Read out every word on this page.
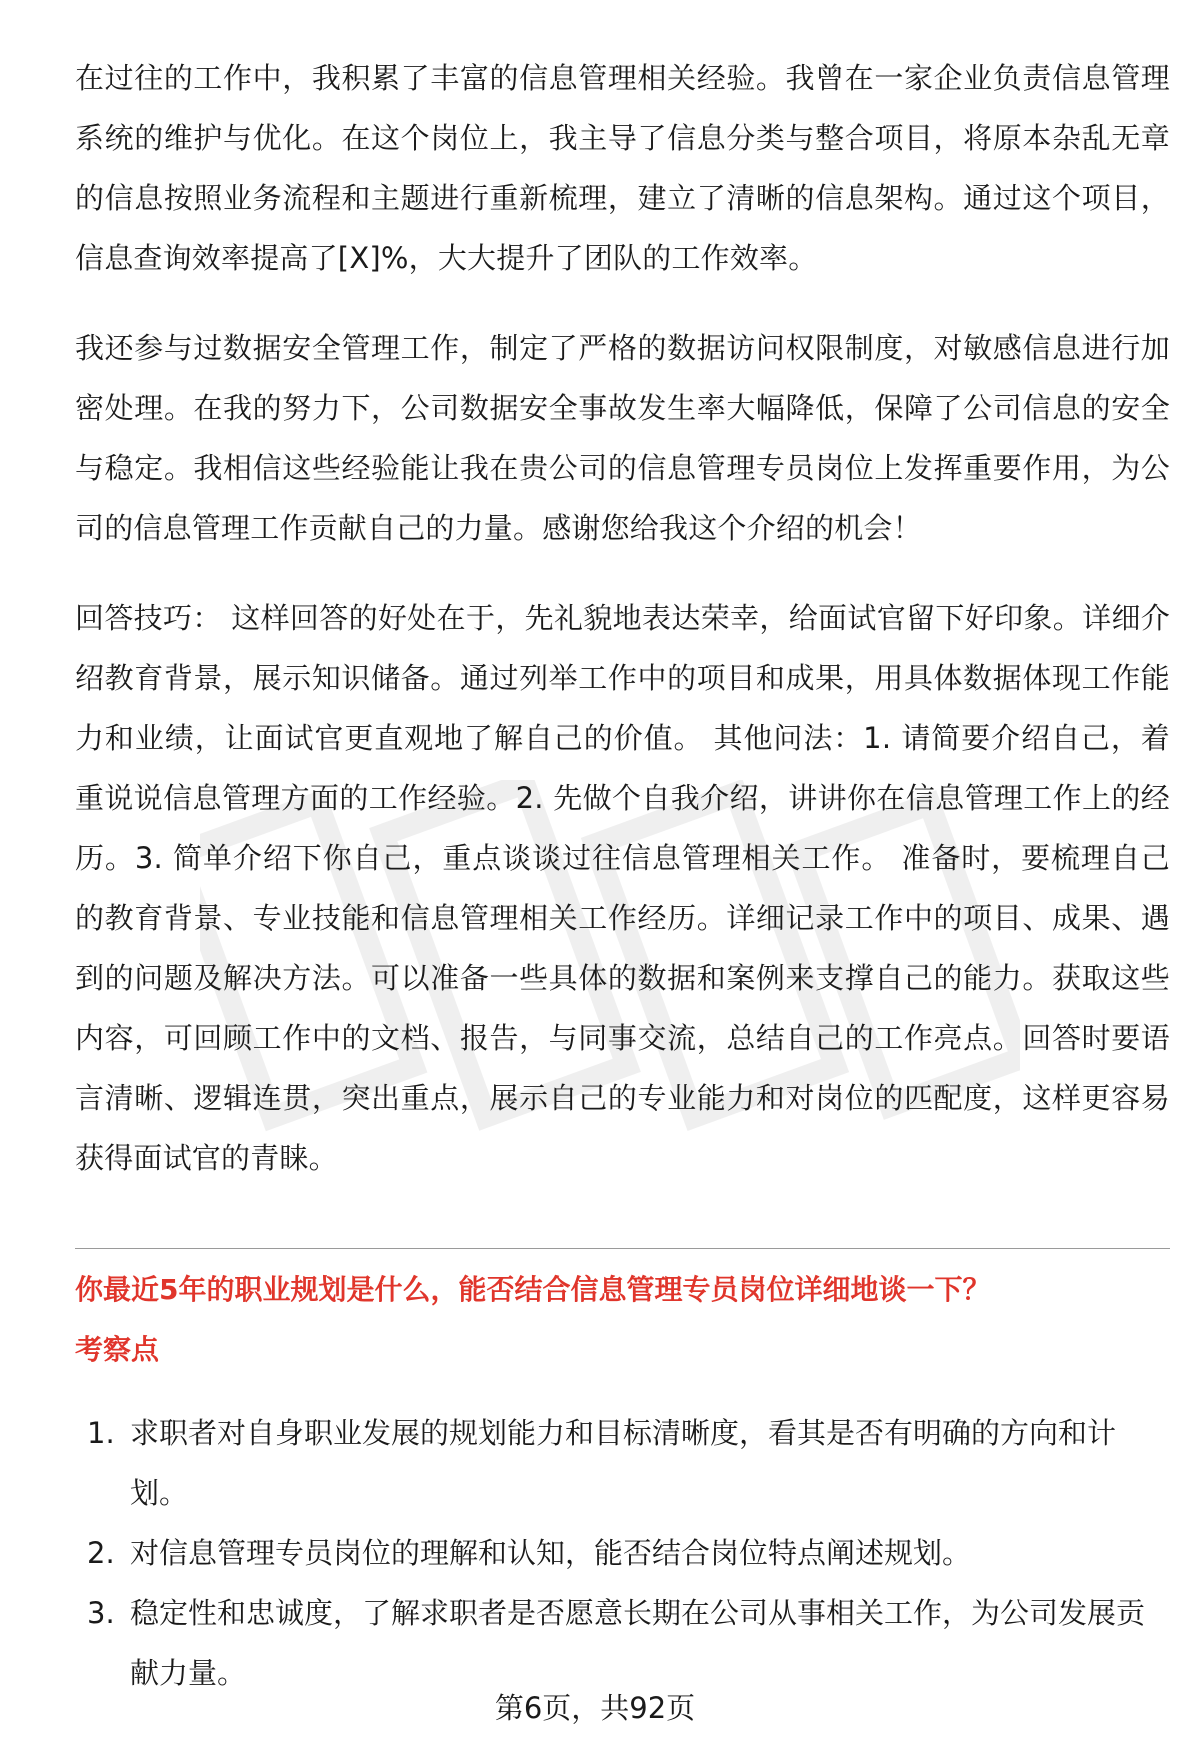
在过往的工作中，我积累了丰富的信息管理相关经验。我曾在一家企业负责信息管理系统的维护与优化。在这个岗位上，我主导了信息分类与整合项目，将原本杂乱无章的信息按照业务流程和主题进行重新梳理，建立了清晰的信息架构。通过这个项目，信息查询效率提高了[X]%，大大提升了团队的工作效率。

我还参与过数据安全管理工作，制定了严格的数据访问权限制度，对敏感信息进行加密处理。在我的努力下，公司数据安全事故发生率大幅降低，保障了公司信息的安全与稳定。我相信这些经验能让我在贵公司的信息管理专员岗位上发挥重要作用，为公司的信息管理工作贡献自己的力量。感谢您给我这个介绍的机会！

回答技巧： 这样回答的好处在于，先礼貌地表达荣幸，给面试官留下好印象。详细介绍教育背景，展示知识储备。通过列举工作中的项目和成果，用具体数据体现工作能力和业绩，让面试官更直观地了解自己的价值。 其他问法：1. 请简要介绍自己，着重说说信息管理方面的工作经验。2. 先做个自我介绍，讲讲你在信息管理工作上的经历。3. 简单介绍下你自己，重点谈谈过往信息管理相关工作。 准备时，要梳理自己的教育背景、专业技能和信息管理相关工作经历。详细记录工作中的项目、成果、遇到的问题及解决方法。可以准备一些具体的数据和案例来支撑自己的能力。获取这些内容，可回顾工作中的文档、报告，与同事交流，总结自己的工作亮点。回答时要语言清晰、逻辑连贯，突出重点，展示自己的专业能力和对岗位的匹配度，这样更容易获得面试官的青睐。

你最近5年的职业规划是什么，能否结合信息管理专员岗位详细地谈一下？
考察点
1. 求职者对自身职业发展的规划能力和目标清晰度，看其是否有明确的方向和计划。
2. 对信息管理专员岗位的理解和认知，能否结合岗位特点阐述规划。
3. 稳定性和忠诚度，了解求职者是否愿意长期在公司从事相关工作，为公司发展贡献力量。
第6页，共92页
